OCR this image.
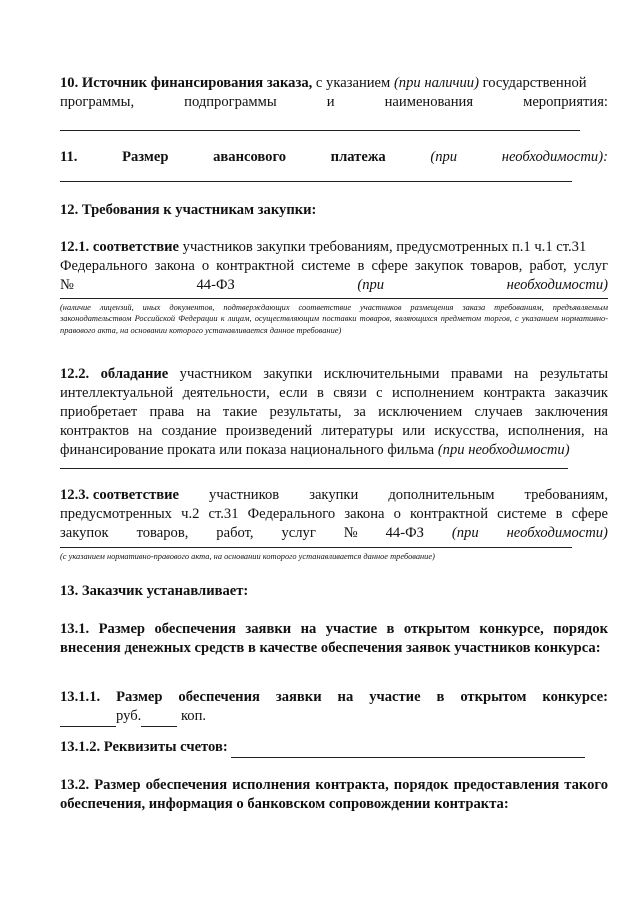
10. Источник финансирования заказа, с указанием (при наличии) государственной

программы,	подпрограммы	и	наименования	мероприятия:
11.	Размер	авансового	платежа	(при	необходимости):

12. Требования к участникам закупки:

12.1. соответствие участников закупки требованиям, предусмотренных п.1 ч.1 ст.31

Федерального закона о контрактной системе в сфере закупок товаров, работ, услуг

№	44-ФЗ	(при	необходимости)

(наличие лицензий, иных документов, подтверждающих соответствие участников размещения заказа требованиям, предъявляемым законодательством Российской Федерации к лицам, осуществляющим поставки товаров, являющихся предметом торгов, с указанием нормативно-правового акта, на основании которого устанавливается данное требование)

12.2. обладание участником закупки исключительными правами на результаты интеллектуальной деятельности, если в связи с исполнением контракта заказчик приобретает права на такие результаты, за исключением случаев заключения контрактов на создание произведений литературы или искусства, исполнения, на финансирование проката или показа национального фильма (при необходимости)

12.3. соответствие участников закупки дополнительным требованиям,

предусмотренных ч.2 ст.31 Федерального закона о контрактной системе в сфере

закупок товаров, работ, услуг № 44-ФЗ (при необходимости)

(с указанием нормативно-правового акта, на основании которого устанавливается данное требование)

13. Заказчик устанавливает:

13.1. Размер обеспечения заявки на участие в открытом конкурсе, порядок внесения денежных средств в качестве обеспечения заявок участников конкурса:

13.1.1. Размер обеспечения заявки на участие в открытом конкурсе:

руб.	коп.

13.1.2. Реквизиты счетов:

13.2. Размер обеспечения исполнения контракта, порядок предоставления такого обеспечения, информация о банковском сопровождении контракта:
